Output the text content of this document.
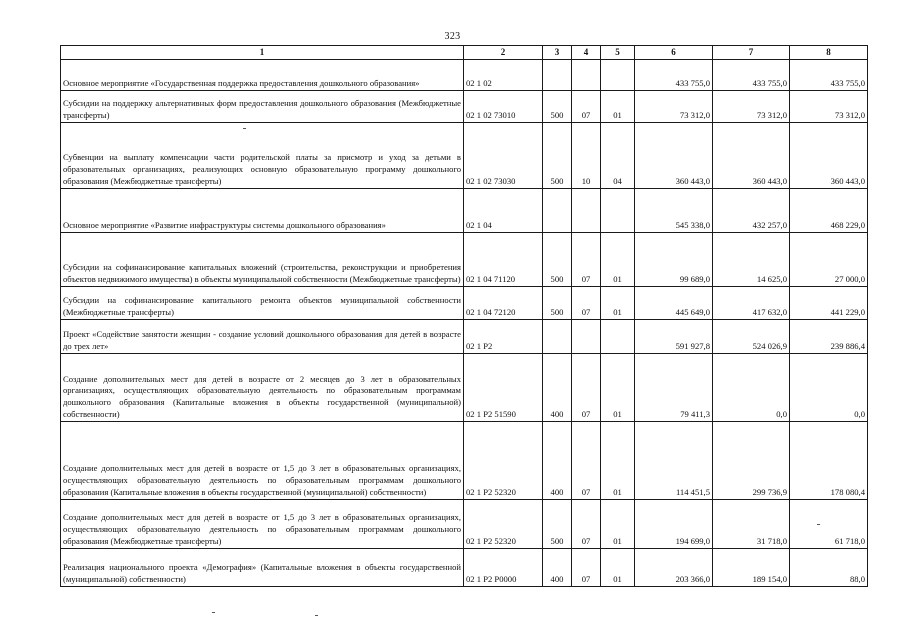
323
1	2	3	4	5	6	7	8
Основное мероприятие «Государственная поддержка предоставления дошкольного образования»	02 1 02				433 755,0	433 755,0	433 755,0
Субсидии на поддержку альтернативных форм предоставления дошкольного образования (Межбюджетные трансферты)	02 1 02 73010	500	07	01	73 312,0	73 312,0	73 312,0
Субвенции на выплату компенсации части родительской платы за присмотр и уход за детьми в образовательных организациях, реализующих основную образовательную программу дошкольного образования (Межбюджетные трансферты)	02 1 02 73030	500	10	04	360 443,0	360 443,0	360 443,0
Основное мероприятие «Развитие инфраструктуры системы дошкольного образования»	02 1 04				545 338,0	432 257,0	468 229,0
Субсидии на софинансирование капитальных вложений (строительства, реконструкции и приобретения объектов недвижимого имущества) в объекты муниципальной собственности (Межбюджетные трансферты)	02 1 04 71120	500	07	01	99 689,0	14 625,0	27 000,0
Субсидии на софинансирование капитального ремонта объектов муниципальной собственности (Межбюджетные трансферты)	02 1 04 72120	500	07	01	445 649,0	417 632,0	441 229,0
Проект «Содействие занятости женщин - создание условий дошкольного образования для детей в возрасте до трех лет»	02 1 P2				591 927,8	524 026,9	239 886,4
Создание дополнительных мест для детей в возрасте от 2 месяцев до 3 лет в образовательных организациях, осуществляющих образовательную деятельность по образовательным программам дошкольного образования (Капитальные вложения в объекты государственной (муниципальной) собственности)	02 1 P2 51590	400	07	01	79 411,3	0,0	0,0
Создание дополнительных мест для детей в возрасте от 1,5 до 3 лет в образовательных организациях, осуществляющих образовательную деятельность по образовательным программам дошкольного образования (Капитальные вложения в объекты государственной (муниципальной) собственности)	02 1 P2 52320	400	07	01	114 451,5	299 736,9	178 080,4
Создание дополнительных мест для детей в возрасте от 1,5 до 3 лет в образовательных организациях, осуществляющих образовательную деятельность по образовательным программам дошкольного образования (Межбюджетные трансферты)	02 1 P2 52320	500	07	01	194 699,0	31 718,0	61 718,0
Реализация национального проекта «Демография» (Капитальные вложения в объекты государственной (муниципальной) собственности)	02 1 P2 P0000	400	07	01	203 366,0	189 154,0	88,0
